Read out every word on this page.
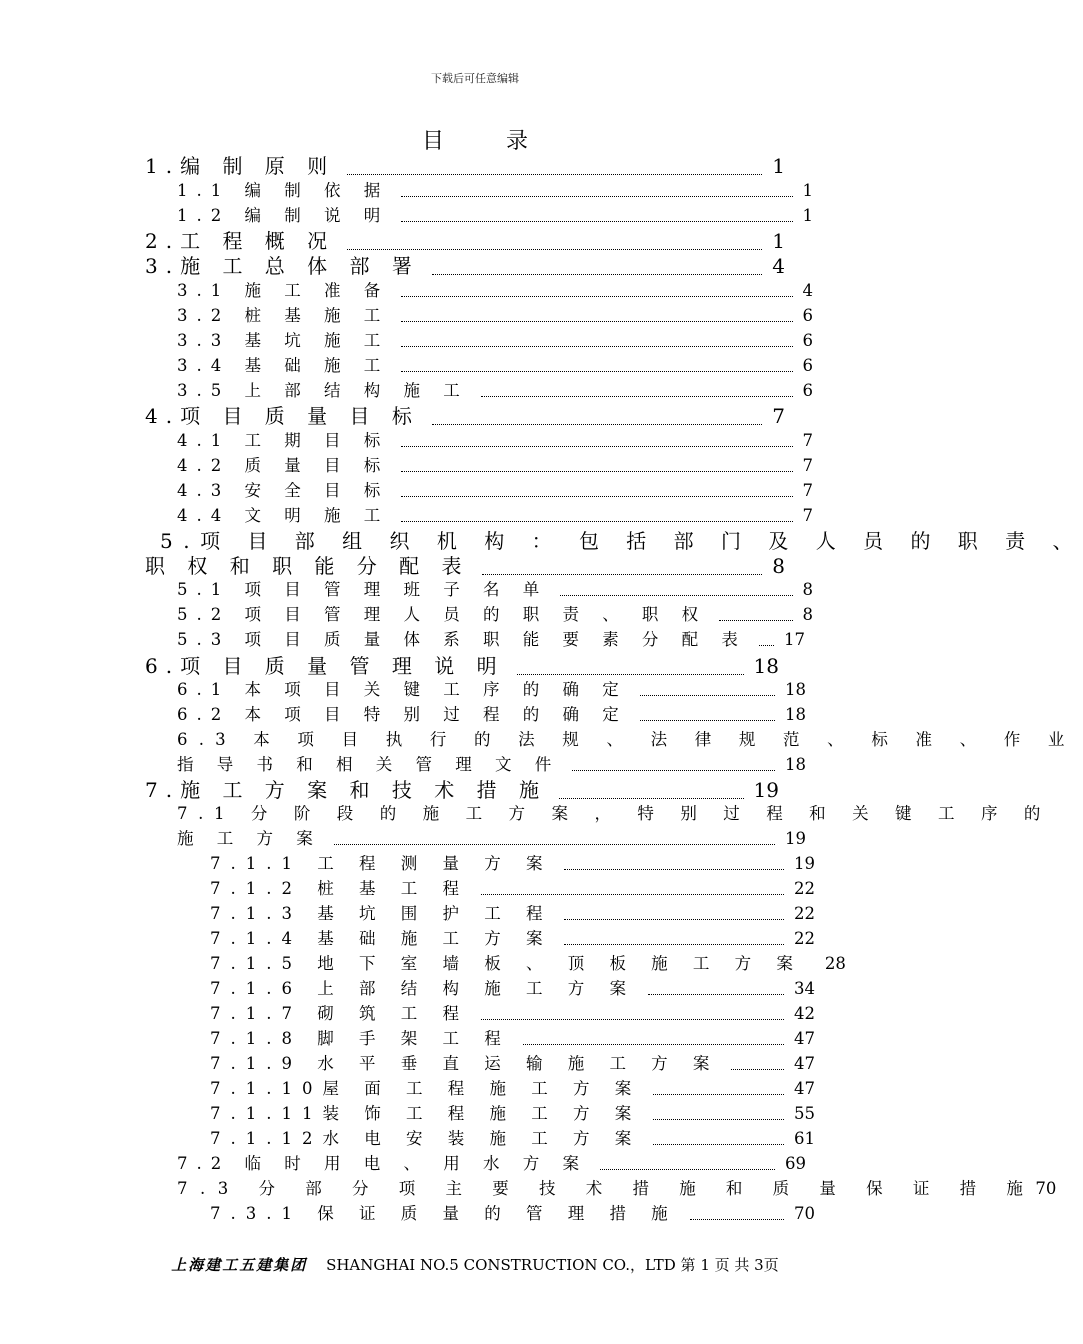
下载后可任意编辑
目录
1.编 制 原 则	1
1.1 编 制 依 据	1
1.2 编 制 说 明	1
2.工 程 概 况	1
3.施 工 总 体 部 署	4
3.1 施 工 准 备	4
3.2 桩 基 施 工	6
3.3 基 坑 施 工	6
3.4 基 础 施 工	6
3.5 上 部 结 构 施 工	6
4.项 目 质 量 目 标	7
4.1 工 期 目 标	7
4.2 质 量 目 标	7
4.3 安 全 目 标	7
4.4 文 明 施 工	7
5.项 目 部 组 织 机 构 ： 包 括 部 门 及 人 员 的 职 责 、
职 权 和 职 能 分 配 表	8
5.1 项 目 管 理 班 子 名 单	8
5.2 项 目 管 理 人 员 的 职 责 、 职 权	8
5.3 项 目 质 量 体 系 职 能 要 素 分 配 表 17
6.项 目 质 量 管 理 说 明	18
6.1 本 项 目 关 键 工 序 的 确 定	18
6.2 本 项 目 特 别 过 程 的 确 定	18
6.3 本 项 目 执 行 的 法 规 、 法 律 规 范 、 标 准 、 作 业
指 导 书 和 相 关 管 理 文 件	18
7.施 工 方 案 和 技 术 措 施	19
7.1 分 阶 段 的 施 工 方 案 ， 特 别 过 程 和 关 键 工 序 的
施 工 方 案	19
7.1.1 工 程 测 量 方 案	19
7.1.2 桩 基 工 程	22
7.1.3 基 坑 围 护 工 程	22
7.1.4 基 础 施 工 方 案	22
7.1.5 地 下 室 墙 板 、 顶 板 施 工 方 案 28
7.1.6 上 部 结 构 施 工 方 案	34
7.1.7 砌 筑 工 程	42
7.1.8 脚 手 架 工 程	47
7.1.9 水 平 垂 直 运 输 施 工 方 案	47
7.1.10屋 面 工 程 施 工 方 案	47
7.1.11装 饰 工 程 施 工 方 案	55
7.1.12水 电 安 装 施 工 方 案	61
7.2 临 时 用 电 、 用 水 方 案	69
7.3 分 部 分 项 主 要 技 术 措 施 和 质 量 保 证 措 施 70
7.3.1 保 证 质 量 的 管 理 措 施	70
上海建工五建集团 SHANGHAI NO.5 CONSTRUCTION CO.，LTD 第 1 页 共 3页
